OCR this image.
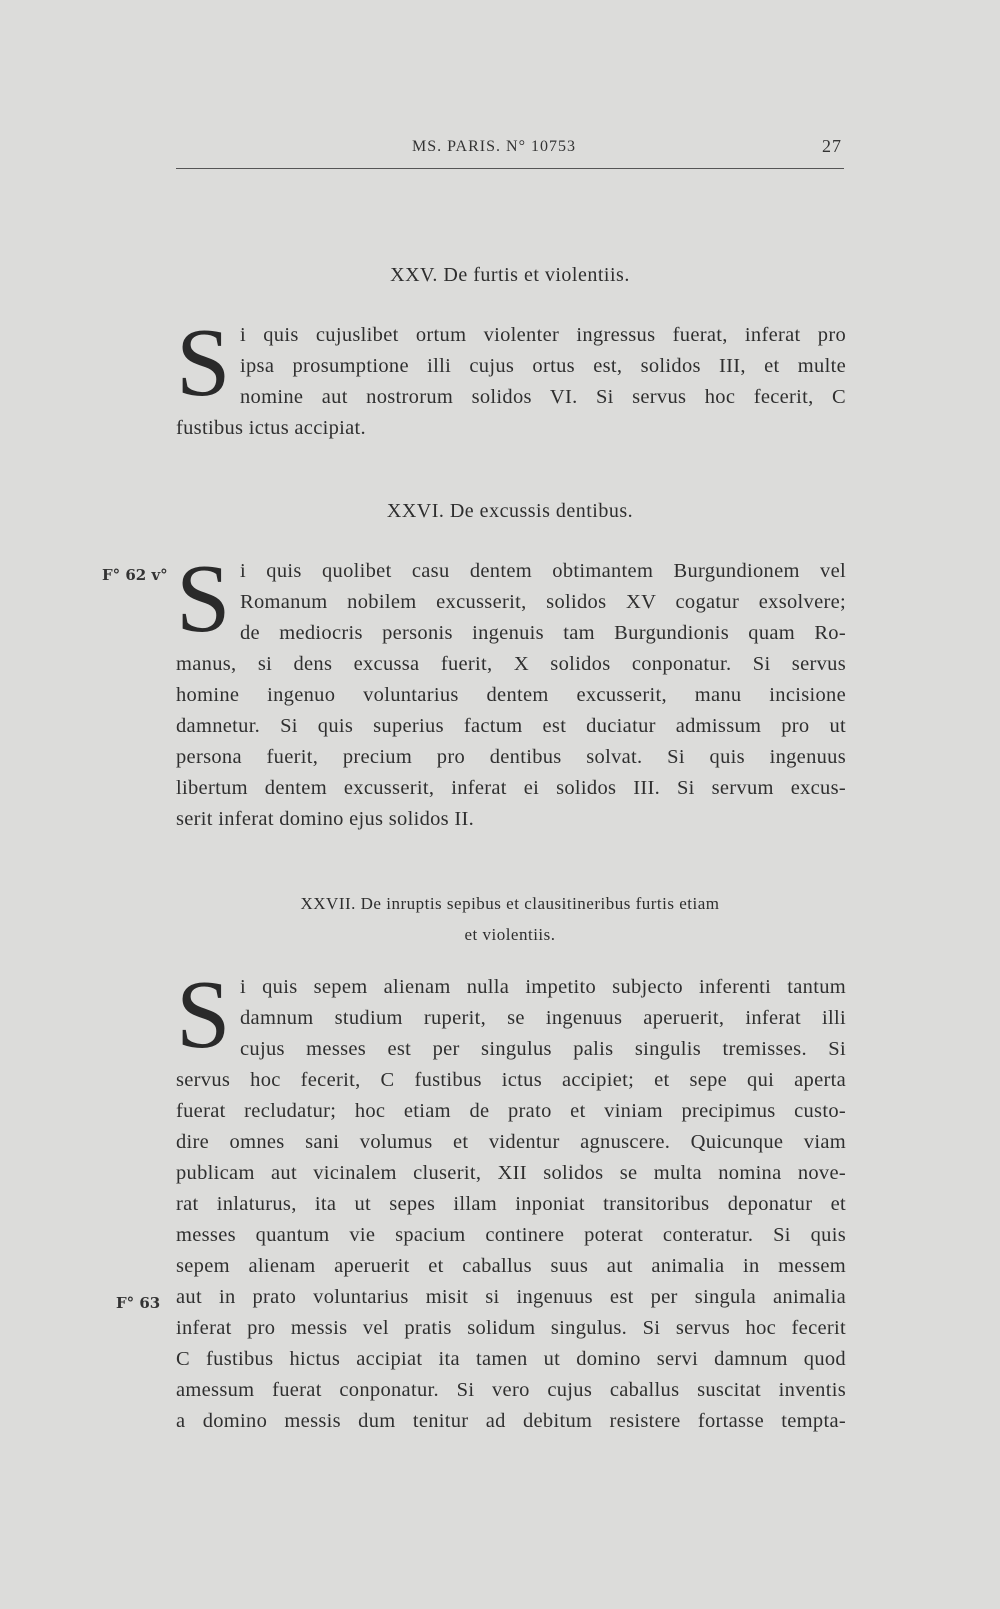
MS. PARIS. N° 10753	27
XXV. De furtis et violentiis.
S i quis cujuslibet ortum violenter ingressus fuerat, inferat pro
ipsa prosumptione illi cujus ortus est, solidos III, et multe
nomine aut nostrorum solidos VI. Si servus hoc fecerit, C
fustibus ictus accipiat.
XXVI. De excussis dentibus.
F° 62 v° S i quis quolibet casu dentem obtimantem Burgundionem vel
Romanum nobilem excusserit, solidos XV cogatur exsolvere;
de mediocris personis ingenuis tam Burgundionis quam Ro-
manus, si dens excussa fuerit, X solidos conponatur. Si servus
homine ingenuo voluntarius dentem excusserit, manu incisione
damnetur. Si quis superius factum est duciatur admissum pro ut
persona fuerit, precium pro dentibus solvat. Si quis ingenuus
libertum dentem excusserit, inferat ei solidos III. Si servum excus-
serit inferat domino ejus solidos II.
XXVII. De inruptis sepibus et clausitineribus furtis etiam
et violentiis.
F° 63
S i quis sepem alienam nulla impetito subjecto inferenti tantum
damnum studium ruperit, se ingenuus aperuerit, inferat illi
cujus messes est per singulus palis singulis tremisses. Si
servus hoc fecerit, C fustibus ictus accipiet; et sepe qui aperta
fuerat recludatur; hoc etiam de prato et viniam precipimus custo-
dire omnes sani volumus et videntur agnuscere. Quicunque viam
publicam aut vicinalem cluserit, XII solidos se multa nomina nove-
rat inlaturus, ita ut sepes illam inponiat transitoribus deponatur et
messes quantum vie spacium continere poterat conteratur. Si quis
sepem alienam aperuerit et caballus suus aut animalia in messem
aut in prato voluntarius misit si ingenuus est per singula animalia
inferat pro messis vel pratis solidum singulus. Si servus hoc fecerit
C fustibus hictus accipiat ita tamen ut domino servi damnum quod
amessum fuerat conponatur. Si vero cujus caballus suscitat inventis
a domino messis dum tenitur ad debitum resistere fortasse tempta-
